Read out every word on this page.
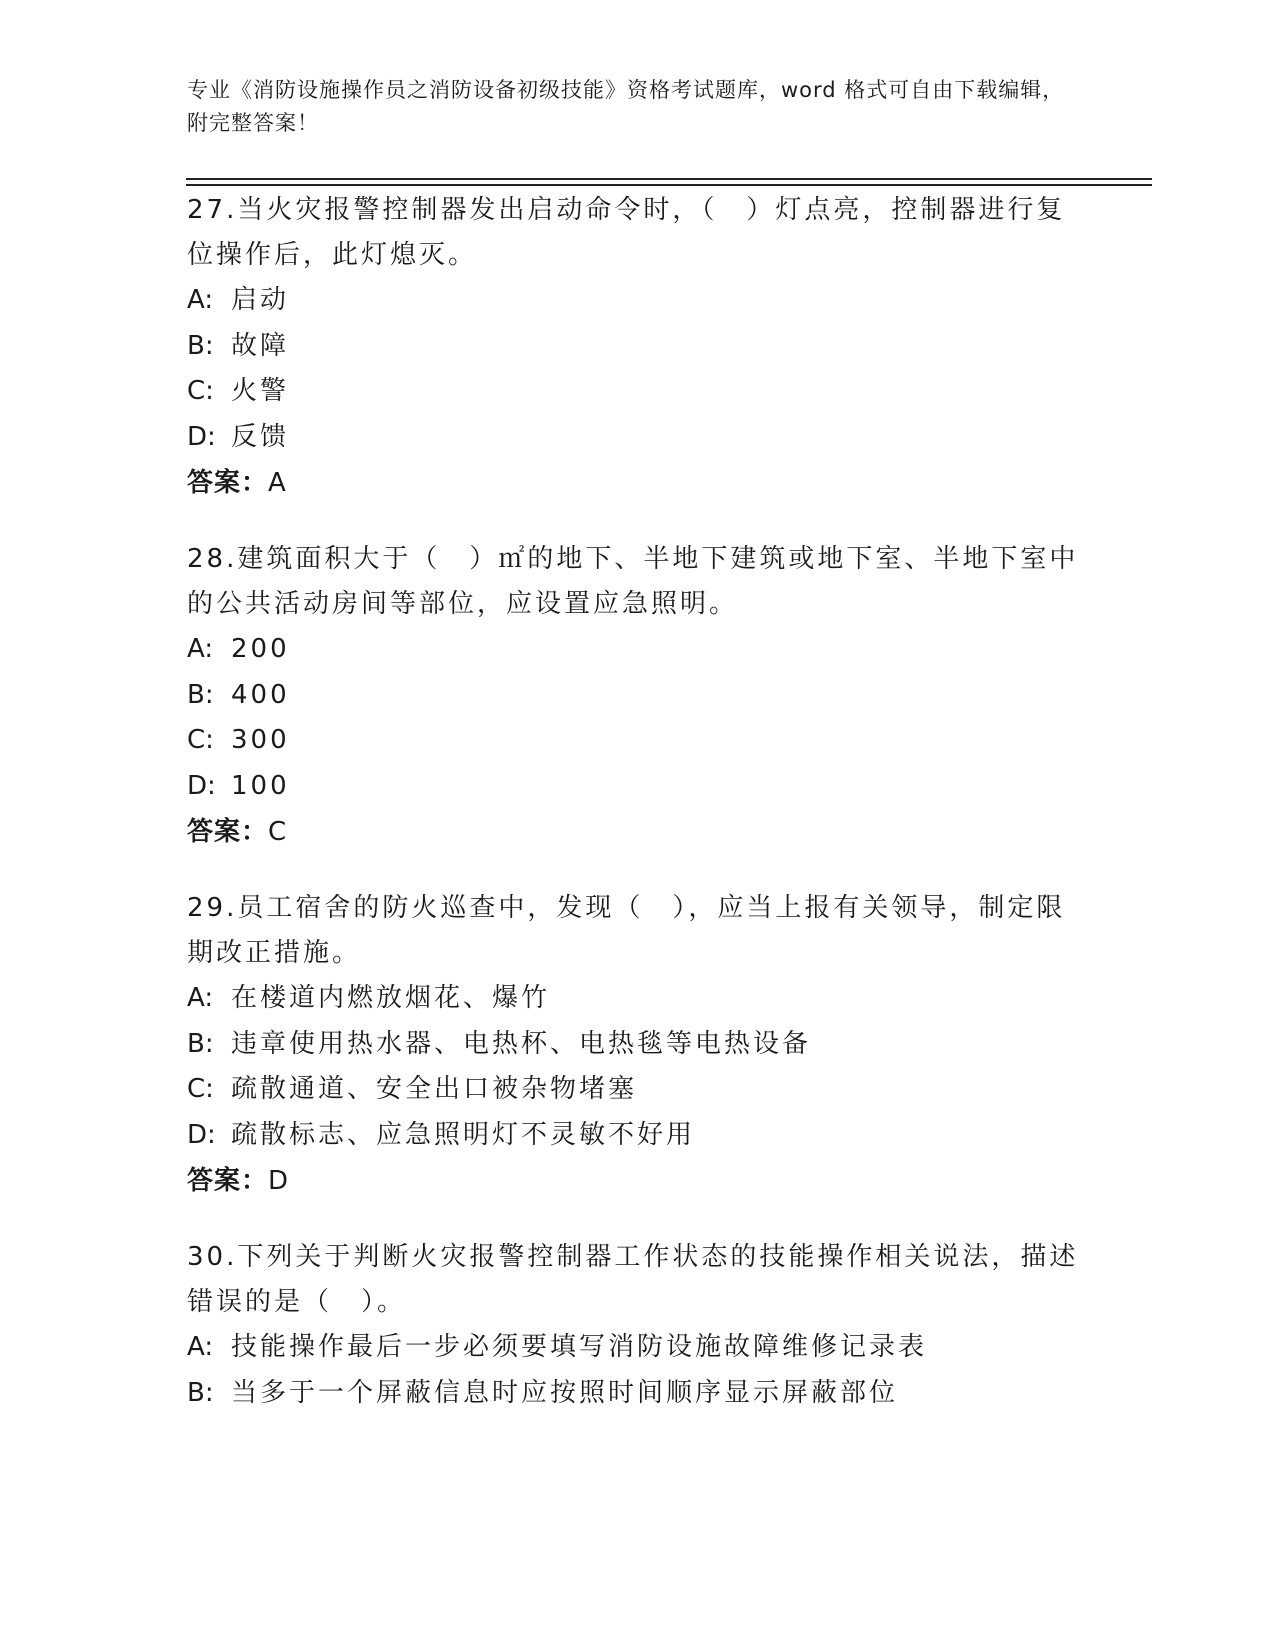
专业《消防设施操作员之消防设备初级技能》资格考试题库，word 格式可自由下载编辑，附完整答案！

27.当火灾报警控制器发出启动命令时，（　）灯点亮，控制器进行复位操作后，此灯熄灭。

A: 启动

B: 故障

C: 火警

D: 反馈

答案：A

28.建筑面积大于（　）㎡的地下、半地下建筑或地下室、半地下室中的公共活动房间等部位，应设置应急照明。

A: 200

B: 400

C: 300

D: 100

答案：C

29.员工宿舍的防火巡查中，发现（　），应当上报有关领导，制定限期改正措施。

A: 在楼道内燃放烟花、爆竹

B: 违章使用热水器、电热杯、电热毯等电热设备

C: 疏散通道、安全出口被杂物堵塞

D: 疏散标志、应急照明灯不灵敏不好用

答案：D

30.下列关于判断火灾报警控制器工作状态的技能操作相关说法，描述错误的是（　）。

A: 技能操作最后一步必须要填写消防设施故障维修记录表

B: 当多于一个屏蔽信息时应按照时间顺序显示屏蔽部位
